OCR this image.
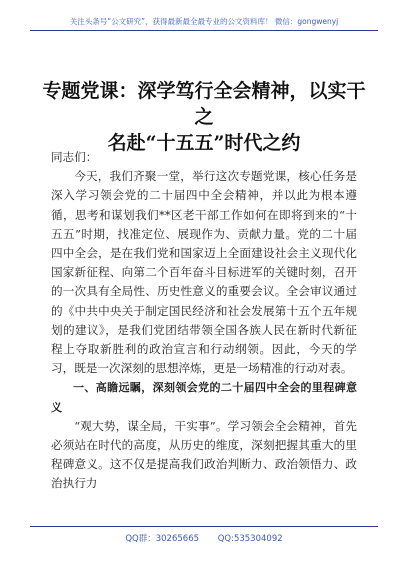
关注头条号“公文研究”，获得最新最全最专业的公文资料库！ 微信：gongwenyj
专题党课：深学笃行全会精神，以实干之
名赴“十五五”时代之约

同志们：

今天，我们齐聚一堂，举行这次专题党课，核心任务是深入学习领会党的二十届四中全会精神，并以此为根本遵循，思考和谋划我们**区老干部工作如何在即将到来的“十五五”时期，找准定位、展现作为、贡献力量。党的二十届四中全会，是在我们党和国家迈上全面建设社会主义现代化国家新征程、向第二个百年奋斗目标进军的关键时刻，召开的一次具有全局性、历史性意义的重要会议。全会审议通过的《中共中央关于制定国民经济和社会发展第十五个五年规划的建议》，是我们党团结带领全国各族人民在新时代新征程上夺取新胜利的政治宣言和行动纲领。因此，今天的学习，既是一次深刻的思想淬炼，更是一场精准的行动对表。

一、高瞻远瞩，深刻领会党的二十届四中全会的里程碑意义

“观大势，谋全局，干实事”。学习领会全会精神，首先必须站在时代的高度，从历史的维度，深刻把握其重大的里程碑意义。这不仅是提高我们政治判断力、政治领悟力、政治执行力

QQ群：30265665 QQ:535304092
